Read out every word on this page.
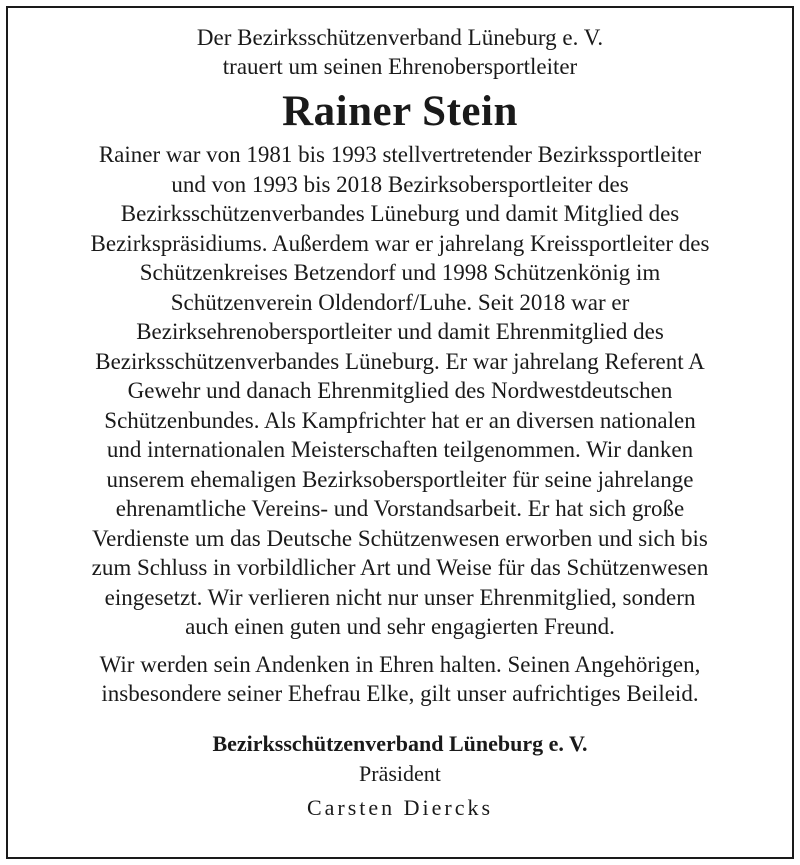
Der Bezirksschützenverband Lüneburg e. V.
trauert um seinen Ehrenobersportleiter
Rainer Stein
Rainer war von 1981 bis 1993 stellvertretender Bezirkssportleiter
und von 1993 bis 2018 Bezirksobersportleiter des
Bezirksschützenverbandes Lüneburg und damit Mitglied des
Bezirkspräsidiums. Außerdem war er jahrelang Kreissportleiter des
Schützenkreises Betzendorf und 1998 Schützenkönig im
Schützenverein Oldendorf/Luhe. Seit 2018 war er
Bezirksehrenobersportleiter und damit Ehrenmitglied des
Bezirksschützenverbandes Lüneburg. Er war jahrelang Referent A
Gewehr und danach Ehrenmitglied des Nordwestdeutschen
Schützenbundes. Als Kampfrichter hat er an diversen nationalen
und internationalen Meisterschaften teilgenommen. Wir danken
unserem ehemaligen Bezirksobersportleiter für seine jahrelange
ehrenamtliche Vereins- und Vorstandsarbeit. Er hat sich große
Verdienste um das Deutsche Schützenwesen erworben und sich bis
zum Schluss in vorbildlicher Art und Weise für das Schützenwesen
eingesetzt. Wir verlieren nicht nur unser Ehrenmitglied, sondern
auch einen guten und sehr engagierten Freund.
Wir werden sein Andenken in Ehren halten. Seinen Angehörigen,
insbesondere seiner Ehefrau Elke, gilt unser aufrichtiges Beileid.
Bezirksschützenverband Lüneburg e. V.
Präsident
Carsten Diercks
